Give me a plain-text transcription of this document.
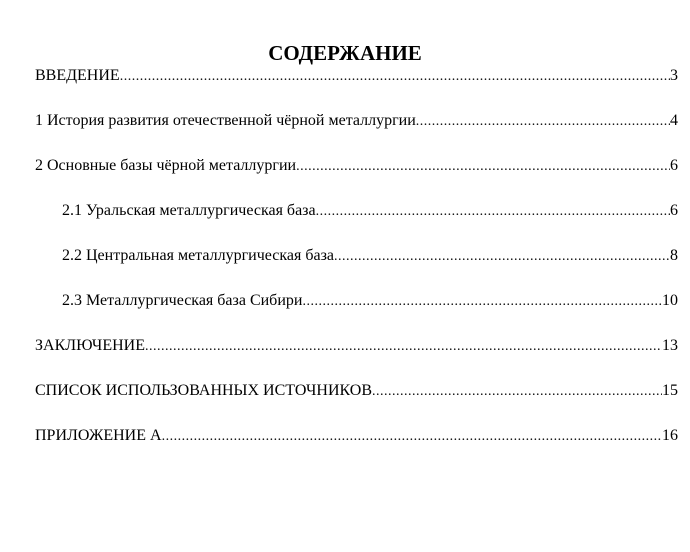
СОДЕРЖАНИЕ
ВВЕДЕНИЕ .....	3
1 История развития отечественной чёрной металлургии .....	4
2 Основные базы чёрной металлургии .....	6
2.1 Уральская металлургическая база .....	6
2.2 Центральная металлургическая база .....	8
2.3 Металлургическая база Сибири .....	10
ЗАКЛЮЧЕНИЕ .....	13
СПИСОК ИСПОЛЬЗОВАННЫХ ИСТОЧНИКОВ .....	15
ПРИЛОЖЕНИЕ А .....	16
